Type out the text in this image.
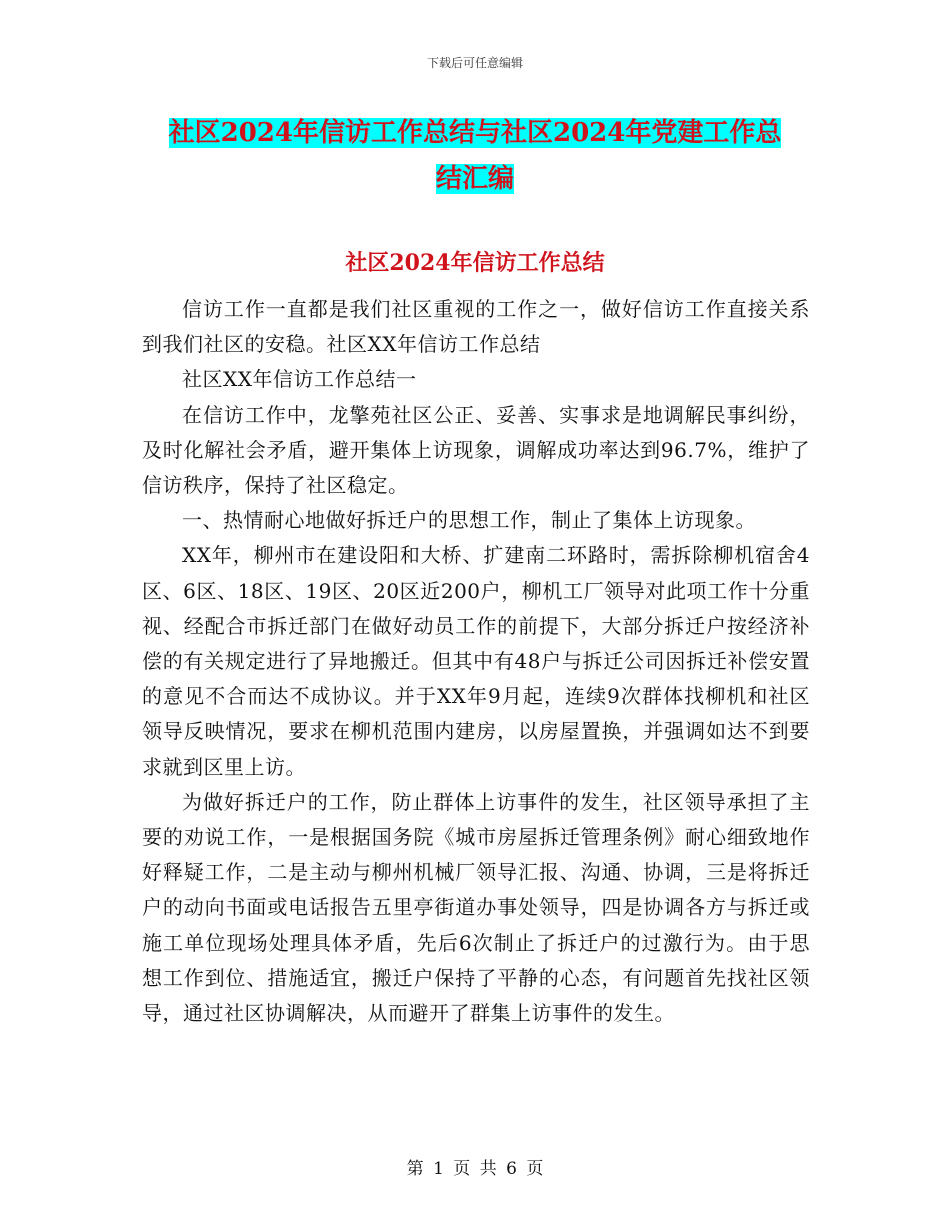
下载后可任意编辑
社区2024年信访工作总结与社区2024年党建工作总
结汇编
社区2024年信访工作总结

信访工作一直都是我们社区重视的工作之一，做好信访工作直接关系到我们社区的安稳。社区XX年信访工作总结

社区XX年信访工作总结一

在信访工作中，龙擎苑社区公正、妥善、实事求是地调解民事纠纷，及时化解社会矛盾，避开集体上访现象，调解成功率达到96.7%，维护了信访秩序，保持了社区稳定。

一、热情耐心地做好拆迁户的思想工作，制止了集体上访现象。

XX年，柳州市在建设阳和大桥、扩建南二环路时，需拆除柳机宿舍4区、6区、18区、19区、20区近200户，柳机工厂领导对此项工作十分重视、经配合市拆迁部门在做好动员工作的前提下，大部分拆迁户按经济补偿的有关规定进行了异地搬迁。但其中有48户与拆迁公司因拆迁补偿安置的意见不合而达不成协议。并于XX年9月起，连续9次群体找柳机和社区领导反映情况，要求在柳机范围内建房，以房屋置换，并强调如达不到要求就到区里上访。

为做好拆迁户的工作，防止群体上访事件的发生，社区领导承担了主要的劝说工作，一是根据国务院《城市房屋拆迁管理条例》耐心细致地作好释疑工作，二是主动与柳州机械厂领导汇报、沟通、协调，三是将拆迁户的动向书面或电话报告五里亭街道办事处领导，四是协调各方与拆迁或施工单位现场处理具体矛盾，先后6次制止了拆迁户的过激行为。由于思想工作到位、措施适宜，搬迁户保持了平静的心态，有问题首先找社区领导，通过社区协调解决，从而避开了群集上访事件的发生。

第 1 页 共 6 页
